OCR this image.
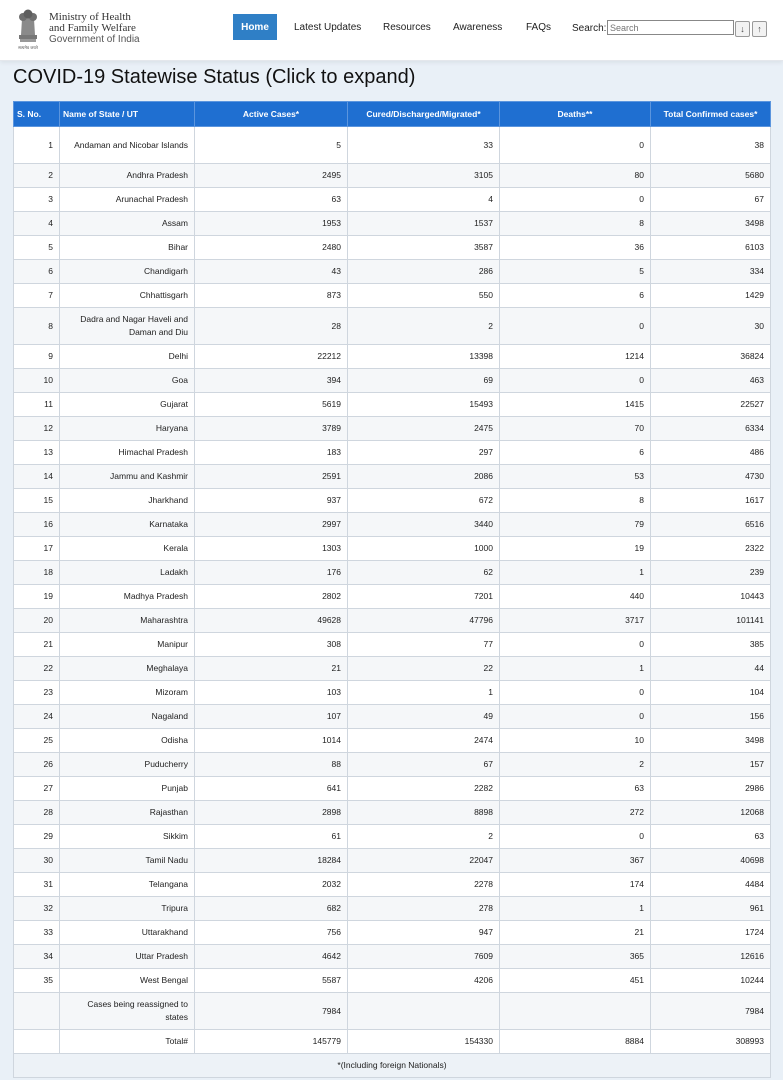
सत्यमेव जयते
Ministry of Health
and Family Welfare
Government of India
Home	Latest Updates Resources Awareness FAQs Search:
Search	↓	↑
COVID-19 Statewise Status (Click to expand)
S. No.	Name of State / UT	Active Cases*	Cured/Discharged/Migrated*	Deaths**	Total Confirmed cases*
1	Andaman and Nicobar Islands	5	33	0	38
2	Andhra Pradesh	2495	3105	80	5680
3	Arunachal Pradesh	63	4	0	67
4	Assam	1953	1537	8	3498
5	Bihar	2480	3587	36	6103
6	Chandigarh	43	286	5	334
7	Chhattisgarh	873	550	6	1429
8	Dadra and Nagar Haveli and Daman and Diu	28	2	0	30
9	Delhi	22212	13398	1214	36824
10	Goa	394	69	0	463
11	Gujarat	5619	15493	1415	22527
12	Haryana	3789	2475	70	6334
13	Himachal Pradesh	183	297	6	486
14	Jammu and Kashmir	2591	2086	53	4730
15	Jharkhand	937	672	8	1617
16	Karnataka	2997	3440	79	6516
17	Kerala	1303	1000	19	2322
18	Ladakh	176	62	1	239
19	Madhya Pradesh	2802	7201	440	10443
20	Maharashtra	49628	47796	3717	101141
21	Manipur	308	77	0	385
22	Meghalaya	21	22	1	44
23	Mizoram	103	1	0	104
24	Nagaland	107	49	0	156
25	Odisha	1014	2474	10	3498
26	Puducherry	88	67	2	157
27	Punjab	641	2282	63	2986
28	Rajasthan	2898	8898	272	12068
29	Sikkim	61	2	0	63
30	Tamil Nadu	18284	22047	367	40698
31	Telangana	2032	2278	174	4484
32	Tripura	682	278	1	961
33	Uttarakhand	756	947	21	1724
34	Uttar Pradesh	4642	7609	365	12616
35	West Bengal	5587	4206	451	10244
	Cases being reassigned to states	7984			7984
	Total#	145779	154330	8884	308993
*(Including foreign Nationals)					
